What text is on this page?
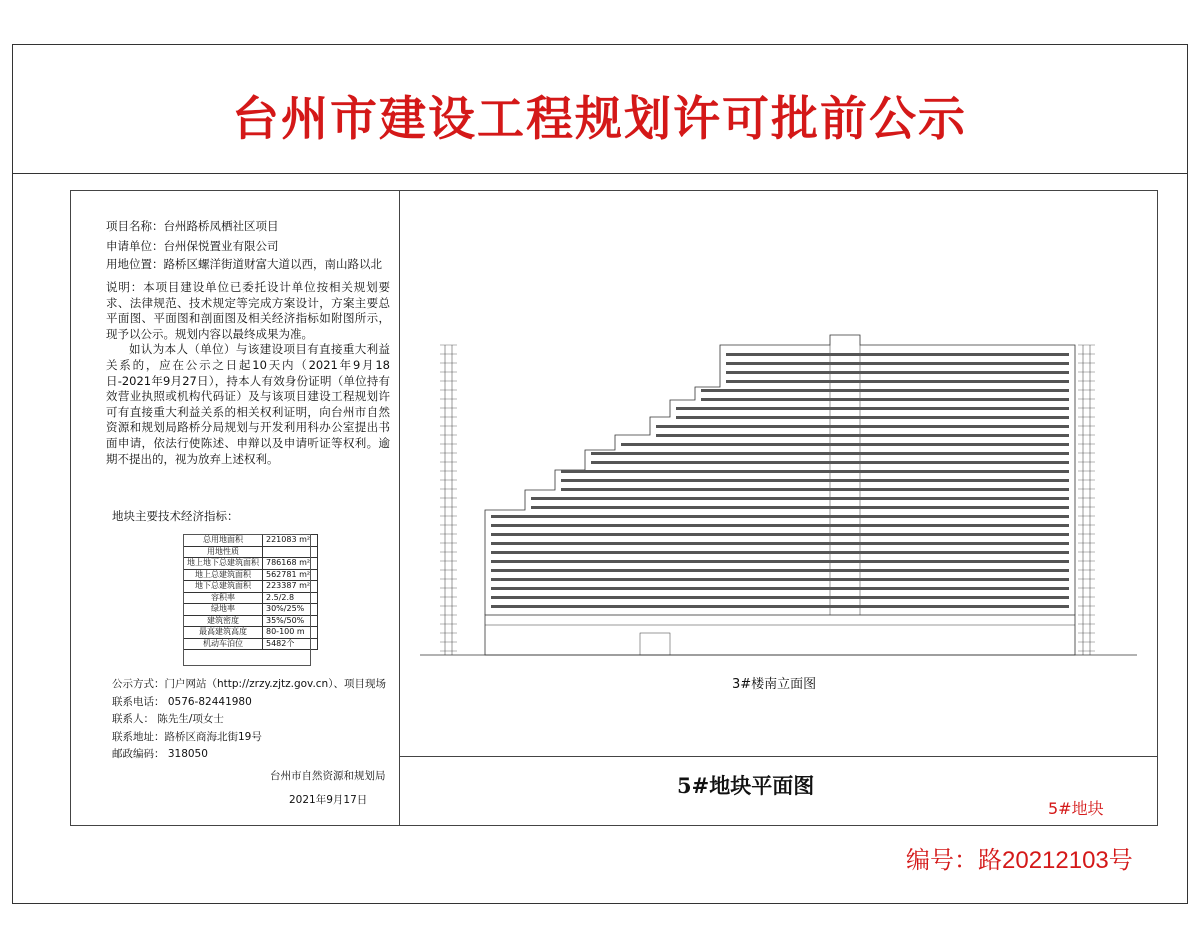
台州市建设工程规划许可批前公示
项目名称：台州路桥凤栖社区项目
申请单位：台州保悦置业有限公司
用地位置：路桥区螺洋街道财富大道以西，南山路以北

说明：本项目建设单位已委托设计单位按相关规划要求、法律规范、技术规定等完成方案设计，方案主要总平面图、平面图和剖面图及相关经济指标如附图所示，现予以公示。规划内容以最终成果为准。

如认为本人（单位）与该建设项目有直接重大利益关系的，应在公示之日起10天内（2021年9月18日-2021年9月27日），持本人有效身份证明（单位持有效营业执照或机构代码证）及与该项目建设工程规划许可有直接重大利益关系的相关权利证明，向台州市自然资源和规划局路桥分局规划与开发利用科办公室提出书面申请，依法行使陈述、申辩以及申请听证等权利。逾期不提出的，视为放弃上述权利。

地块主要技术经济指标：
总用地面积	221083 m²
用地性质	
地上地下总建筑面积	786168 m²
地上总建筑面积	562781 m²
地下总建筑面积	223387 m²
容积率	2.5/2.8
绿地率	30%/25%
建筑密度	35%/50%
最高建筑高度	80-100 m
机动车泊位	5482个
公示方式：门户网站（http://zrzy.zjtz.gov.cn）、项目现场
联系电话： 0576-82441980
联系人： 陈先生/项女士
联系地址：路桥区商海北街19号
邮政编码： 318050
台州市自然资源和规划局
2021年9月17日
3#楼南立面图
5#地块平面图
5#地块
编号：路20212103号
